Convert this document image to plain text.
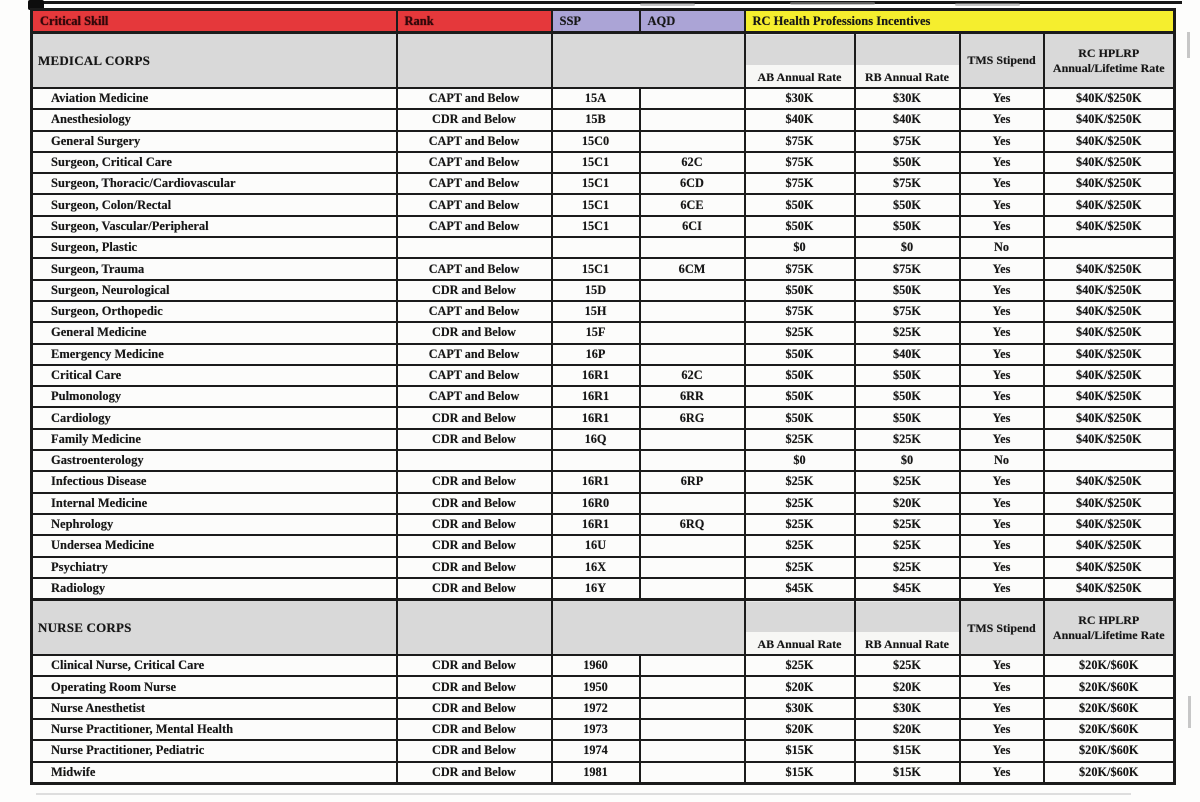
Critical Skill	Rank	SSP	AQD	RC Health Professions Incentives			
MEDICAL CORPS				AB Annual Rate	RB Annual Rate	TMS Stipend	RC HPLRP Annual/Lifetime Rate
Aviation Medicine	CAPT and Below	15A		$30K	$30K	Yes	$40K/$250K
Anesthesiology	CDR and Below	15B		$40K	$40K	Yes	$40K/$250K
General Surgery	CAPT and Below	15C0		$75K	$75K	Yes	$40K/$250K
Surgeon, Critical Care	CAPT and Below	15C1	62C	$75K	$50K	Yes	$40K/$250K
Surgeon, Thoracic/Cardiovascular	CAPT and Below	15C1	6CD	$75K	$75K	Yes	$40K/$250K
Surgeon, Colon/Rectal	CAPT and Below	15C1	6CE	$50K	$50K	Yes	$40K/$250K
Surgeon, Vascular/Peripheral	CAPT and Below	15C1	6CI	$50K	$50K	Yes	$40K/$250K
Surgeon, Plastic				$0	$0	No	
Surgeon, Trauma	CAPT and Below	15C1	6CM	$75K	$75K	Yes	$40K/$250K
Surgeon, Neurological	CDR and Below	15D		$50K	$50K	Yes	$40K/$250K
Surgeon, Orthopedic	CAPT and Below	15H		$75K	$75K	Yes	$40K/$250K
General Medicine	CDR and Below	15F		$25K	$25K	Yes	$40K/$250K
Emergency Medicine	CAPT and Below	16P		$50K	$40K	Yes	$40K/$250K
Critical Care	CAPT and Below	16R1	62C	$50K	$50K	Yes	$40K/$250K
Pulmonology	CAPT and Below	16R1	6RR	$50K	$50K	Yes	$40K/$250K
Cardiology	CDR and Below	16R1	6RG	$50K	$50K	Yes	$40K/$250K
Family Medicine	CDR and Below	16Q		$25K	$25K	Yes	$40K/$250K
Gastroenterology				$0	$0	No	
Infectious Disease	CDR and Below	16R1	6RP	$25K	$25K	Yes	$40K/$250K
Internal Medicine	CDR and Below	16R0		$25K	$20K	Yes	$40K/$250K
Nephrology	CDR and Below	16R1	6RQ	$25K	$25K	Yes	$40K/$250K
Undersea Medicine	CDR and Below	16U		$25K	$25K	Yes	$40K/$250K
Psychiatry	CDR and Below	16X		$25K	$25K	Yes	$40K/$250K
Radiology	CDR and Below	16Y		$45K	$45K	Yes	$40K/$250K
NURSE CORPS				AB Annual Rate	RB Annual Rate	TMS Stipend	RC HPLRP Annual/Lifetime Rate
Clinical Nurse, Critical Care	CDR and Below	1960		$25K	$25K	Yes	$20K/$60K
Operating Room Nurse	CDR and Below	1950		$20K	$20K	Yes	$20K/$60K
Nurse Anesthetist	CDR and Below	1972		$30K	$30K	Yes	$20K/$60K
Nurse Practitioner, Mental Health	CDR and Below	1973		$20K	$20K	Yes	$20K/$60K
Nurse Practitioner, Pediatric	CDR and Below	1974		$15K	$15K	Yes	$20K/$60K
Midwife	CDR and Below	1981		$15K	$15K	Yes	$20K/$60K
